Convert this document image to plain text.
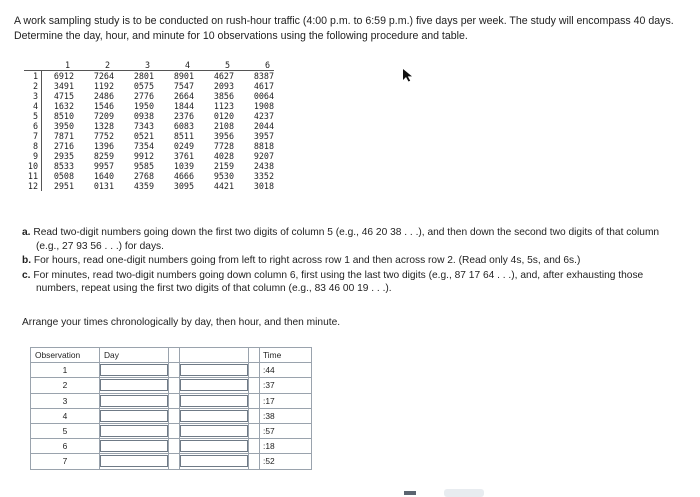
A work sampling study is to be conducted on rush-hour traffic (4:00 p.m. to 6:59 p.m.) five days per week. The study will encompass 40 days. Determine the day, hour, and minute for 10 observations using the following procedure and table.

1	2	3	4	5	6
1	6912	7264	2801	8901	4627	8387
2	3491	1192	0575	7547	2093	4617
3	4715	2486	2776	2664	3856	0064
4	1632	1546	1950	1844	1123	1908
5	8510	7209	0938	2376	0120	4237
6	3950	1328	7343	6083	2108	2044
7	7871	7752	0521	8511	3956	3957
8	2716	1396	7354	0249	7728	8818
9	2935	8259	9912	3761	4028	9207
10	8533	9957	9585	1039	2159	2438
11	0508	1640	2768	4666	9530	3352
12	2951	0131	4359	3095	4421	3018
a. Read two-digit numbers going down the first two digits of column 5 (e.g., 46 20 38 . . .), and then down the second two digits of that column (e.g., 27 93 56 . . .) for days.
b. For hours, read one-digit numbers going from left to right across row 1 and then across row 2. (Read only 4s, 5s, and 6s.)
c. For minutes, read two-digit numbers going down column 6, first using the last two digits (e.g., 87 17 64 . . .), and, after exhausting those numbers, repeat using the first two digits of that column (e.g., 83 46 00 19 . . .).

Arrange your times chronologically by day, then hour, and then minute.

Observation	Day				Time
1					:44
2					:37
3					:17
4					:38
5					:57
6					:18
7					:52
